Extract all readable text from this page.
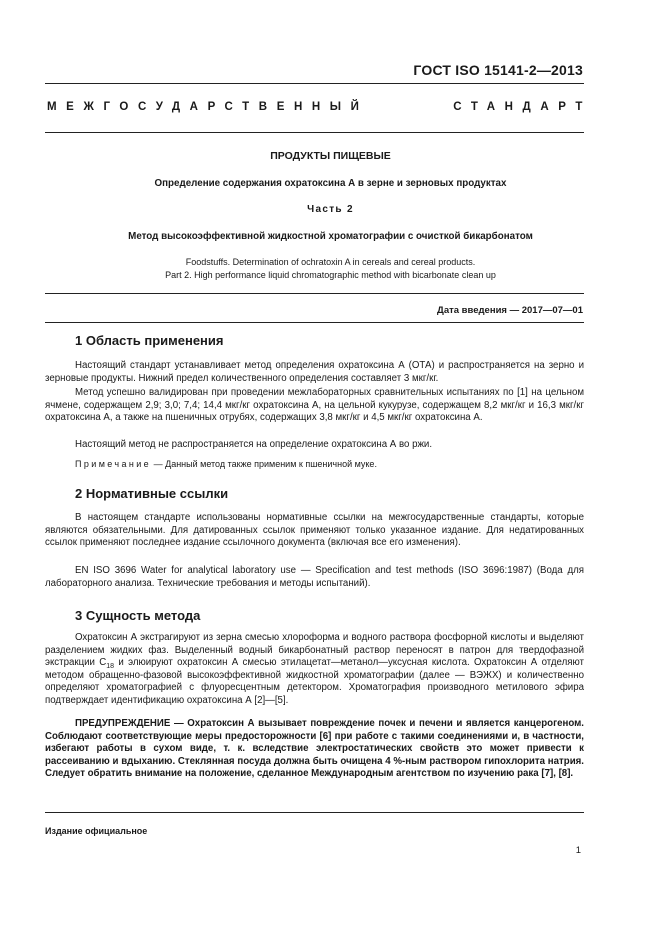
ГОСТ ISO 15141-2—2013
МЕЖГОСУДАРСТВЕННЫЙ	СТАНДАРТ
ПРОДУКТЫ ПИЩЕВЫЕ
Определение содержания охратоксина А в зерне и зерновых продуктах
Часть 2
Метод высокоэффективной жидкостной хроматографии с очисткой бикарбонатом
Foodstuffs. Determination of ochratoxin A in cereals and cereal products.
Part 2. High performance liquid chromatographic method with bicarbonate clean up
Дата введения — 2017—07—01
1 Область применения

Настоящий стандарт устанавливает метод определения охратоксина А (ОТА) и распространяется на зерно и зерновые продукты. Нижний предел количественного определения составляет 3 мкг/кг.

Метод успешно валидирован при проведении межлабораторных сравнительных испытаниях по [1] на цельном ячмене, содержащем 2,9; 3,0; 7,4; 14,4 мкг/кг охратоксина А, на цельной кукурузе, содержащем 8,2 мкг/кг и 16,3 мкг/кг охратоксина А, а также на пшеничных отрубях, содержащих 3,8 мкг/кг и 4,5 мкг/кг охратоксина А.

Настоящий метод не распространяется на определение охратоксина А во ржи.

Примечание — Данный метод также применим к пшеничной муке.
2 Нормативные ссылки

В настоящем стандарте использованы нормативные ссылки на межгосударственные стандарты, которые являются обязательными. Для датированных ссылок применяют только указанное издание. Для недатированных ссылок применяют последнее издание ссылочного документа (включая все его изменения).

EN ISO 3696 Water for analytical laboratory use — Specification and test methods (ISO 3696:1987) (Вода для лабораторного анализа. Технические требования и методы испытаний).

3 Сущность метода

Охратоксин А экстрагируют из зерна смесью хлороформа и водного раствора фосфорной кислоты и выделяют разделением жидких фаз. Выделенный водный бикарбонатный раствор переносят в патрон для твердофазной экстракции $C_{18}$ и элюируют охратоксин А смесью этилацетат—метанол—уксусная кислота. Охратоксин А отделяют методом обращенно-фазовой высокоэффективной жидкостной хроматографии (далее — ВЭЖХ) и количественно определяют хроматографией с флуоресцентным детектором. Хроматография производного метилового эфира подтверждает идентификацию охратоксина А [2]—[5].

ПРЕДУПРЕЖДЕНИЕ — Охратоксин А вызывает повреждение почек и печени и является канцерогеном. Соблюдают соответствующие меры предосторожности [6] при работе с такими соединениями и, в частности, избегают работы в сухом виде, т. к. вследствие электростатических свойств это может привести к рассеиванию и вдыханию. Стеклянная посуда должна быть очищена 4 %-ным раствором гипохлорита натрия. Следует обратить внимание на положение, сделанное Международным агентством по изучению рака [7], [8].

Издание официальное
1
